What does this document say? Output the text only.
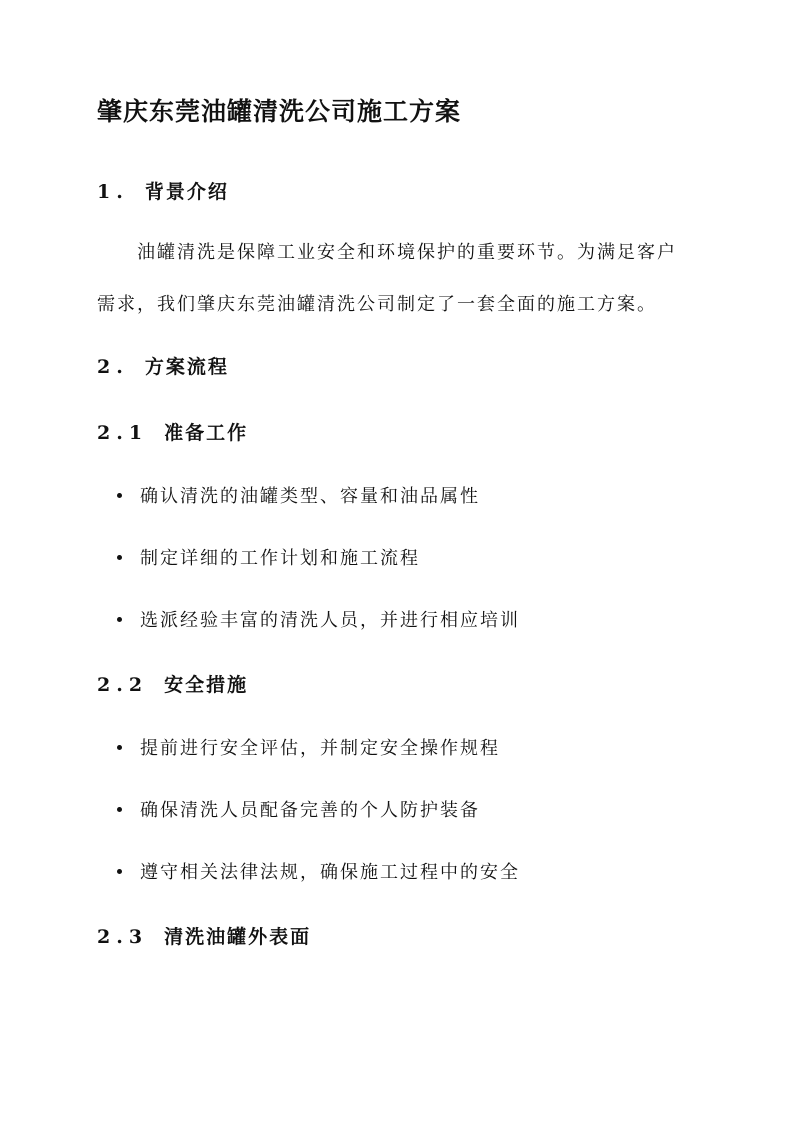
肇庆东莞油罐清洗公司施工方案
1. 背景介绍
油罐清洗是保障工业安全和环境保护的重要环节。为满足客户
需求，我们肇庆东莞油罐清洗公司制定了一套全面的施工方案。
2. 方案流程
2.1 准备工作
确认清洗的油罐类型、容量和油品属性
制定详细的工作计划和施工流程
选派经验丰富的清洗人员，并进行相应培训
2.2 安全措施
提前进行安全评估，并制定安全操作规程
确保清洗人员配备完善的个人防护装备
遵守相关法律法规，确保施工过程中的安全
2.3 清洗油罐外表面
